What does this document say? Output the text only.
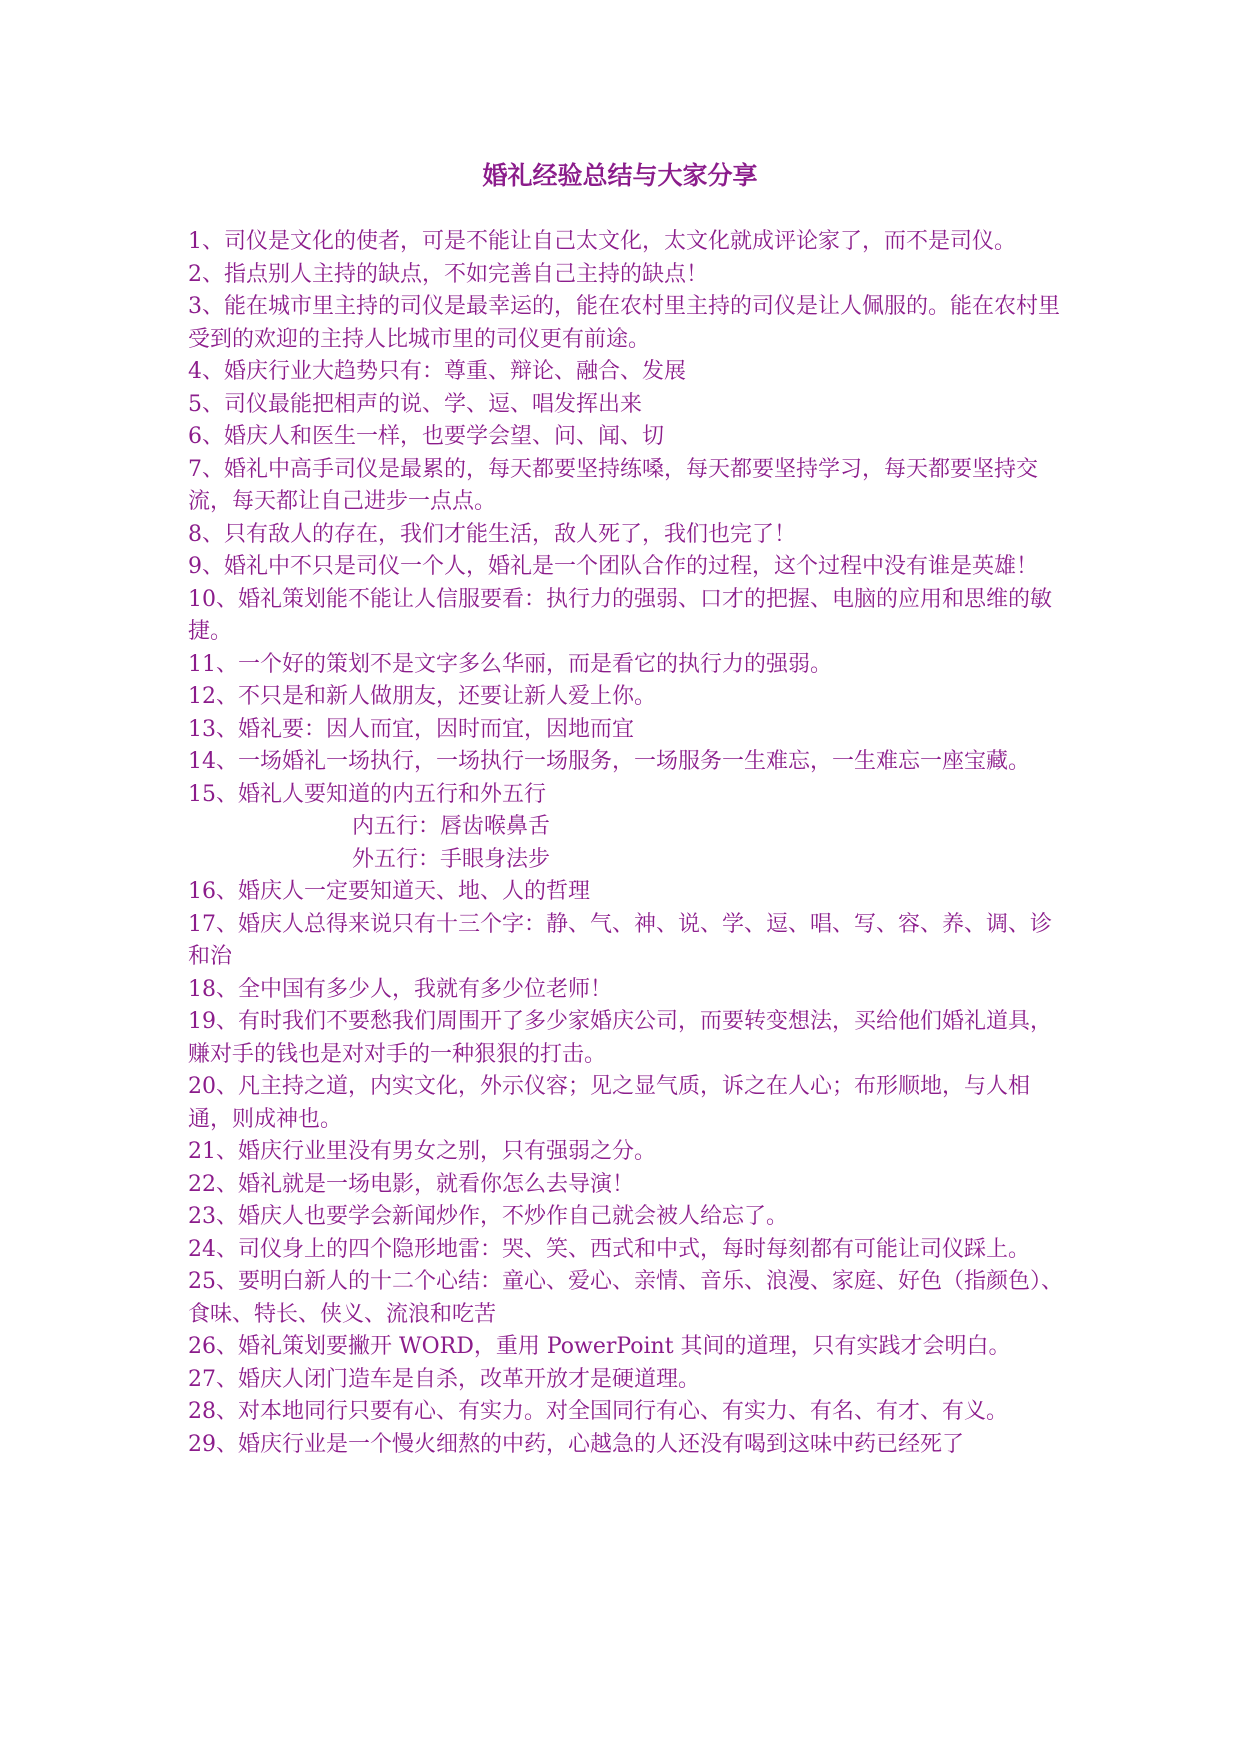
婚礼经验总结与大家分享

1、司仪是文化的使者，可是不能让自己太文化，太文化就成评论家了，而不是司仪。

2、指点别人主持的缺点，不如完善自己主持的缺点！

3、能在城市里主持的司仪是最幸运的，能在农村里主持的司仪是让人佩服的。能在农村里受到的欢迎的主持人比城市里的司仪更有前途。

4、婚庆行业大趋势只有：尊重、辩论、融合、发展

5、司仪最能把相声的说、学、逗、唱发挥出来

6、婚庆人和医生一样，也要学会望、问、闻、切

7、婚礼中高手司仪是最累的，每天都要坚持练嗓，每天都要坚持学习，每天都要坚持交流，每天都让自己进步一点点。

8、只有敌人的存在，我们才能生活，敌人死了，我们也完了！

9、婚礼中不只是司仪一个人，婚礼是一个团队合作的过程，这个过程中没有谁是英雄！

10、婚礼策划能不能让人信服要看：执行力的强弱、口才的把握、电脑的应用和思维的敏捷。

11、一个好的策划不是文字多么华丽，而是看它的执行力的强弱。

12、不只是和新人做朋友，还要让新人爱上你。

13、婚礼要：因人而宜，因时而宜，因地而宜

14、一场婚礼一场执行，一场执行一场服务，一场服务一生难忘，一生难忘一座宝藏。

15、婚礼人要知道的内五行和外五行

内五行：唇齿喉鼻舌

外五行：手眼身法步

16、婚庆人一定要知道天、地、人的哲理

17、婚庆人总得来说只有十三个字：静、气、神、说、学、逗、唱、写、容、养、调、诊和治

18、全中国有多少人，我就有多少位老师！

19、有时我们不要愁我们周围开了多少家婚庆公司，而要转变想法，买给他们婚礼道具，赚对手的钱也是对对手的一种狠狠的打击。

20、凡主持之道，内实文化，外示仪容；见之显气质，诉之在人心；布形顺地，与人相通，则成神也。

21、婚庆行业里没有男女之别，只有强弱之分。

22、婚礼就是一场电影，就看你怎么去导演！

23、婚庆人也要学会新闻炒作，不炒作自己就会被人给忘了。

24、司仪身上的四个隐形地雷：哭、笑、西式和中式，每时每刻都有可能让司仪踩上。

25、要明白新人的十二个心结：童心、爱心、亲情、音乐、浪漫、家庭、好色（指颜色）、食味、特长、侠义、流浪和吃苦

26、婚礼策划要撇开 WORD，重用 PowerPoint 其间的道理，只有实践才会明白。

27、婚庆人闭门造车是自杀，改革开放才是硬道理。

28、对本地同行只要有心、有实力。对全国同行有心、有实力、有名、有才、有义。

29、婚庆行业是一个慢火细熬的中药，心越急的人还没有喝到这味中药已经死了
